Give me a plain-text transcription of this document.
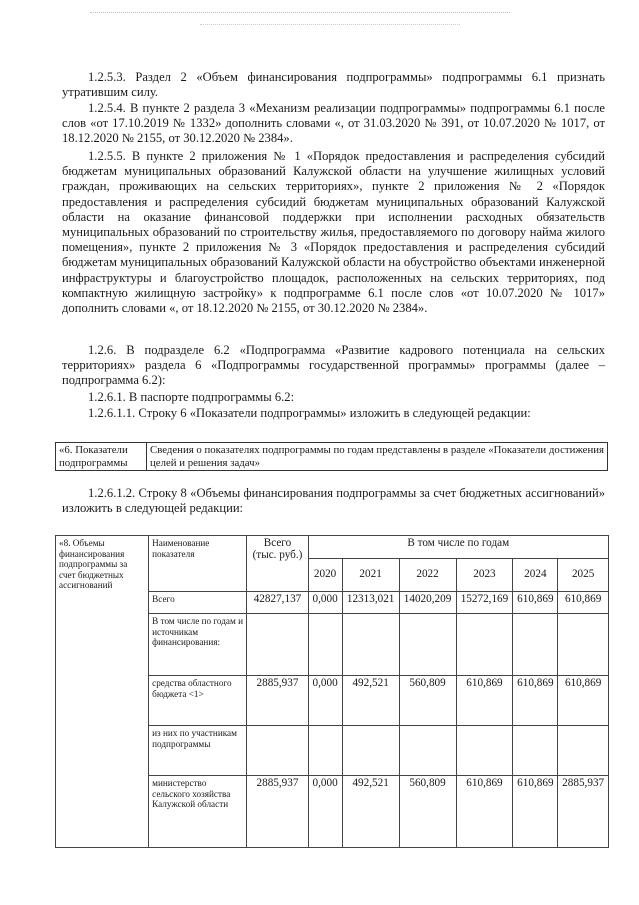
1.2.5.3. Раздел 2 «Объем финансирования подпрограммы» подпрограммы 6.1 признать утратившим силу.

1.2.5.4. В пункте 2 раздела 3 «Механизм реализации подпрограммы» подпрограммы 6.1 после слов «от 17.10.2019 № 1332» дополнить словами «, от 31.03.2020 № 391, от 10.07.2020 № 1017, от 18.12.2020 № 2155, от 30.12.2020 № 2384».

1.2.5.5. В пункте 2 приложения № 1 «Порядок предоставления и распределения субсидий бюджетам муниципальных образований Калужской области на улучшение жилищных условий граждан, проживающих на сельских территориях», пункте 2 приложения № 2 «Порядок предоставления и распределения субсидий бюджетам муниципальных образований Калужской области на оказание финансовой поддержки при исполнении расходных обязательств муниципальных образований по строительству жилья, предоставляемого по договору найма жилого помещения», пункте 2 приложения № 3 «Порядок предоставления и распределения субсидий бюджетам муниципальных образований Калужской области на обустройство объектами инженерной инфраструктуры и благоустройство площадок, расположенных на сельских территориях, под компактную жилищную застройку» к подпрограмме 6.1 после слов «от 10.07.2020 № 1017» дополнить словами «, от 18.12.2020 № 2155, от 30.12.2020 № 2384».

1.2.6. В подразделе 6.2 «Подпрограмма «Развитие кадрового потенциала на сельских территориях» раздела 6 «Подпрограммы государственной программы» программы (далее – подпрограмма 6.2):

1.2.6.1. В паспорте подпрограммы 6.2:

1.2.6.1.1. Строку 6 «Показатели подпрограммы» изложить в следующей редакции:

«6. Показатели подпрограммы	Сведения о показателях подпрограммы по годам представлены в разделе «Показатели достижения целей и решения задач»

1.2.6.1.2. Строку 8 «Объемы финансирования подпрограммы за счет бюджетных ассигнований» изложить в следующей редакции:

«8. Объемы финансирования подпрограммы за счет бюджетных ассигнований	Наименование показателя	Всего (тыс. руб.)	В том числе по годам					
			2020	2021	2022	2023	2024	2025
	Всего	42827,137	0,000	12313,021	14020,209	15272,169	610,869	610,869
	В том числе по годам и источникам финансирования:							
	средства областного бюджета <1>	2885,937	0,000	492,521	560,809	610,869	610,869	610,869
	из них по участникам подпрограммы							
	министерство сельского хозяйства Калужской области	2885,937	0,000	492,521	560,809	610,869	610,869	2885,937
